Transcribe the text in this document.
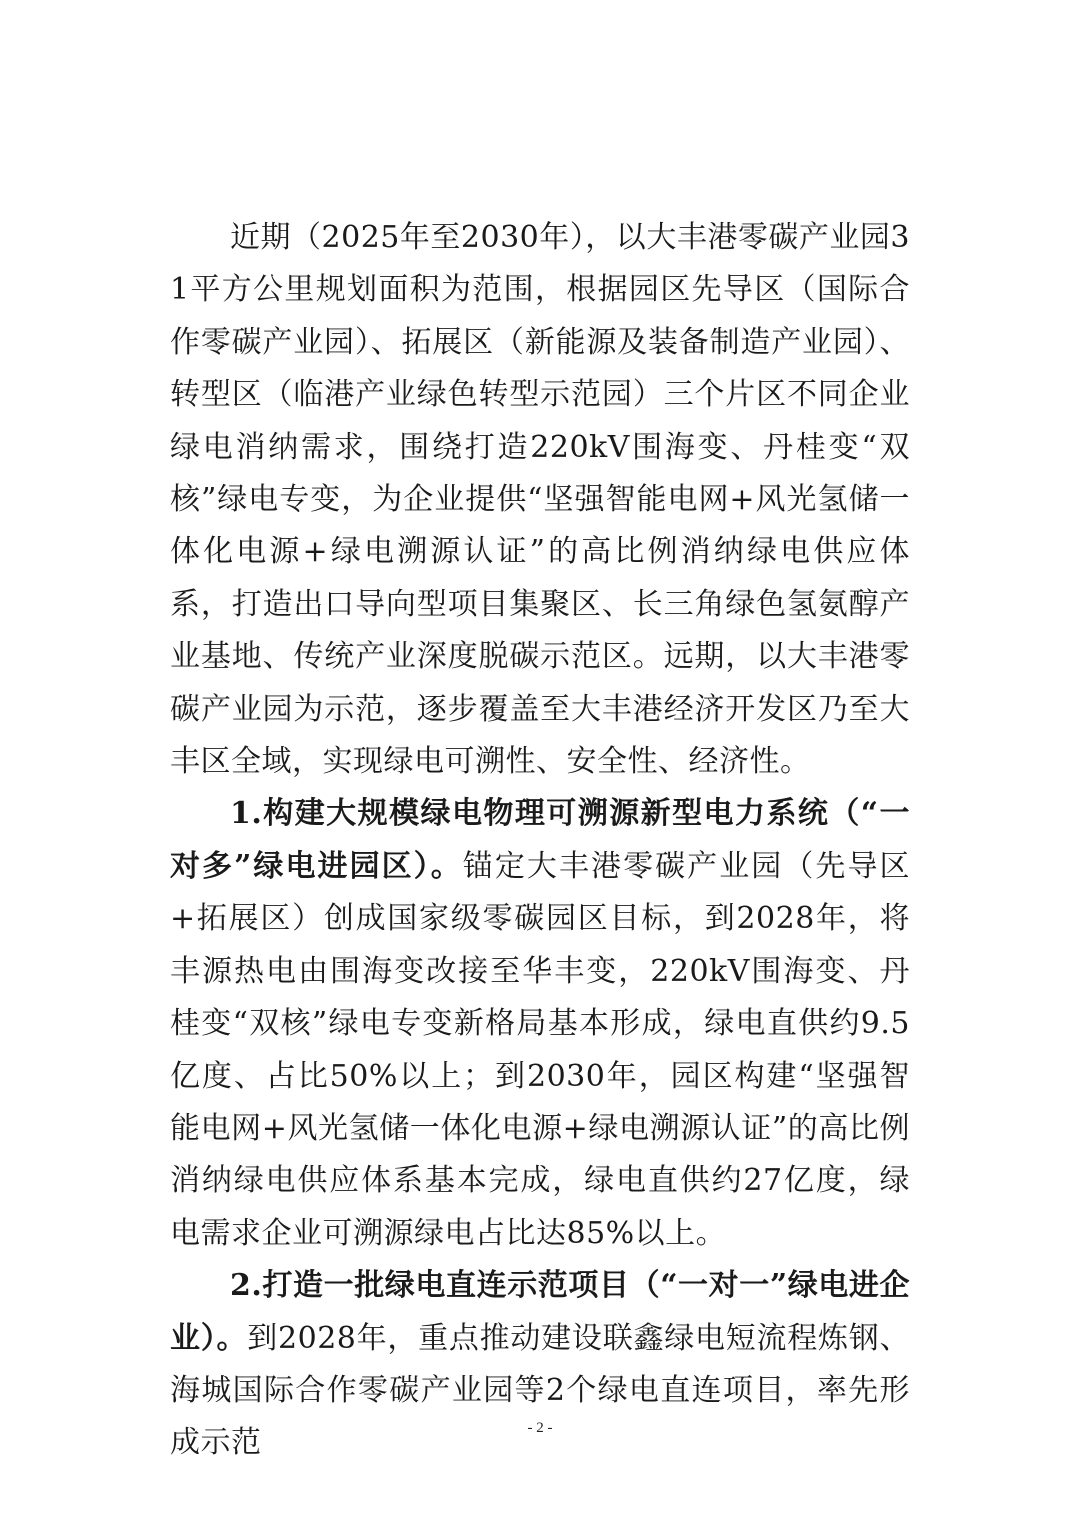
近期（2025年至2030年），以大丰港零碳产业园31平方公里规划面积为范围，根据园区先导区（国际合作零碳产业园）、拓展区（新能源及装备制造产业园）、转型区（临港产业绿色转型示范园）三个片区不同企业绿电消纳需求，围绕打造220kV围海变、丹桂变“双核”绿电专变，为企业提供“坚强智能电网+风光氢储一体化电源+绿电溯源认证”的高比例消纳绿电供应体系，打造出口导向型项目集聚区、长三角绿色氢氨醇产业基地、传统产业深度脱碳示范区。远期，以大丰港零碳产业园为示范，逐步覆盖至大丰港经济开发区乃至大丰区全域，实现绿电可溯性、安全性、经济性。

1.构建大规模绿电物理可溯源新型电力系统（“一对多”绿电进园区）。锚定大丰港零碳产业园（先导区+拓展区）创成国家级零碳园区目标，到2028年，将丰源热电由围海变改接至华丰变，220kV围海变、丹桂变“双核”绿电专变新格局基本形成，绿电直供约9.5亿度、占比50%以上；到2030年，园区构建“坚强智能电网+风光氢储一体化电源+绿电溯源认证”的高比例消纳绿电供应体系基本完成，绿电直供约27亿度，绿电需求企业可溯源绿电占比达85%以上。

2.打造一批绿电直连示范项目（“一对一”绿电进企业）。到2028年，重点推动建设联鑫绿电短流程炼钢、海城国际合作零碳产业园等2个绿电直连项目，率先形成示范	- 2 -
